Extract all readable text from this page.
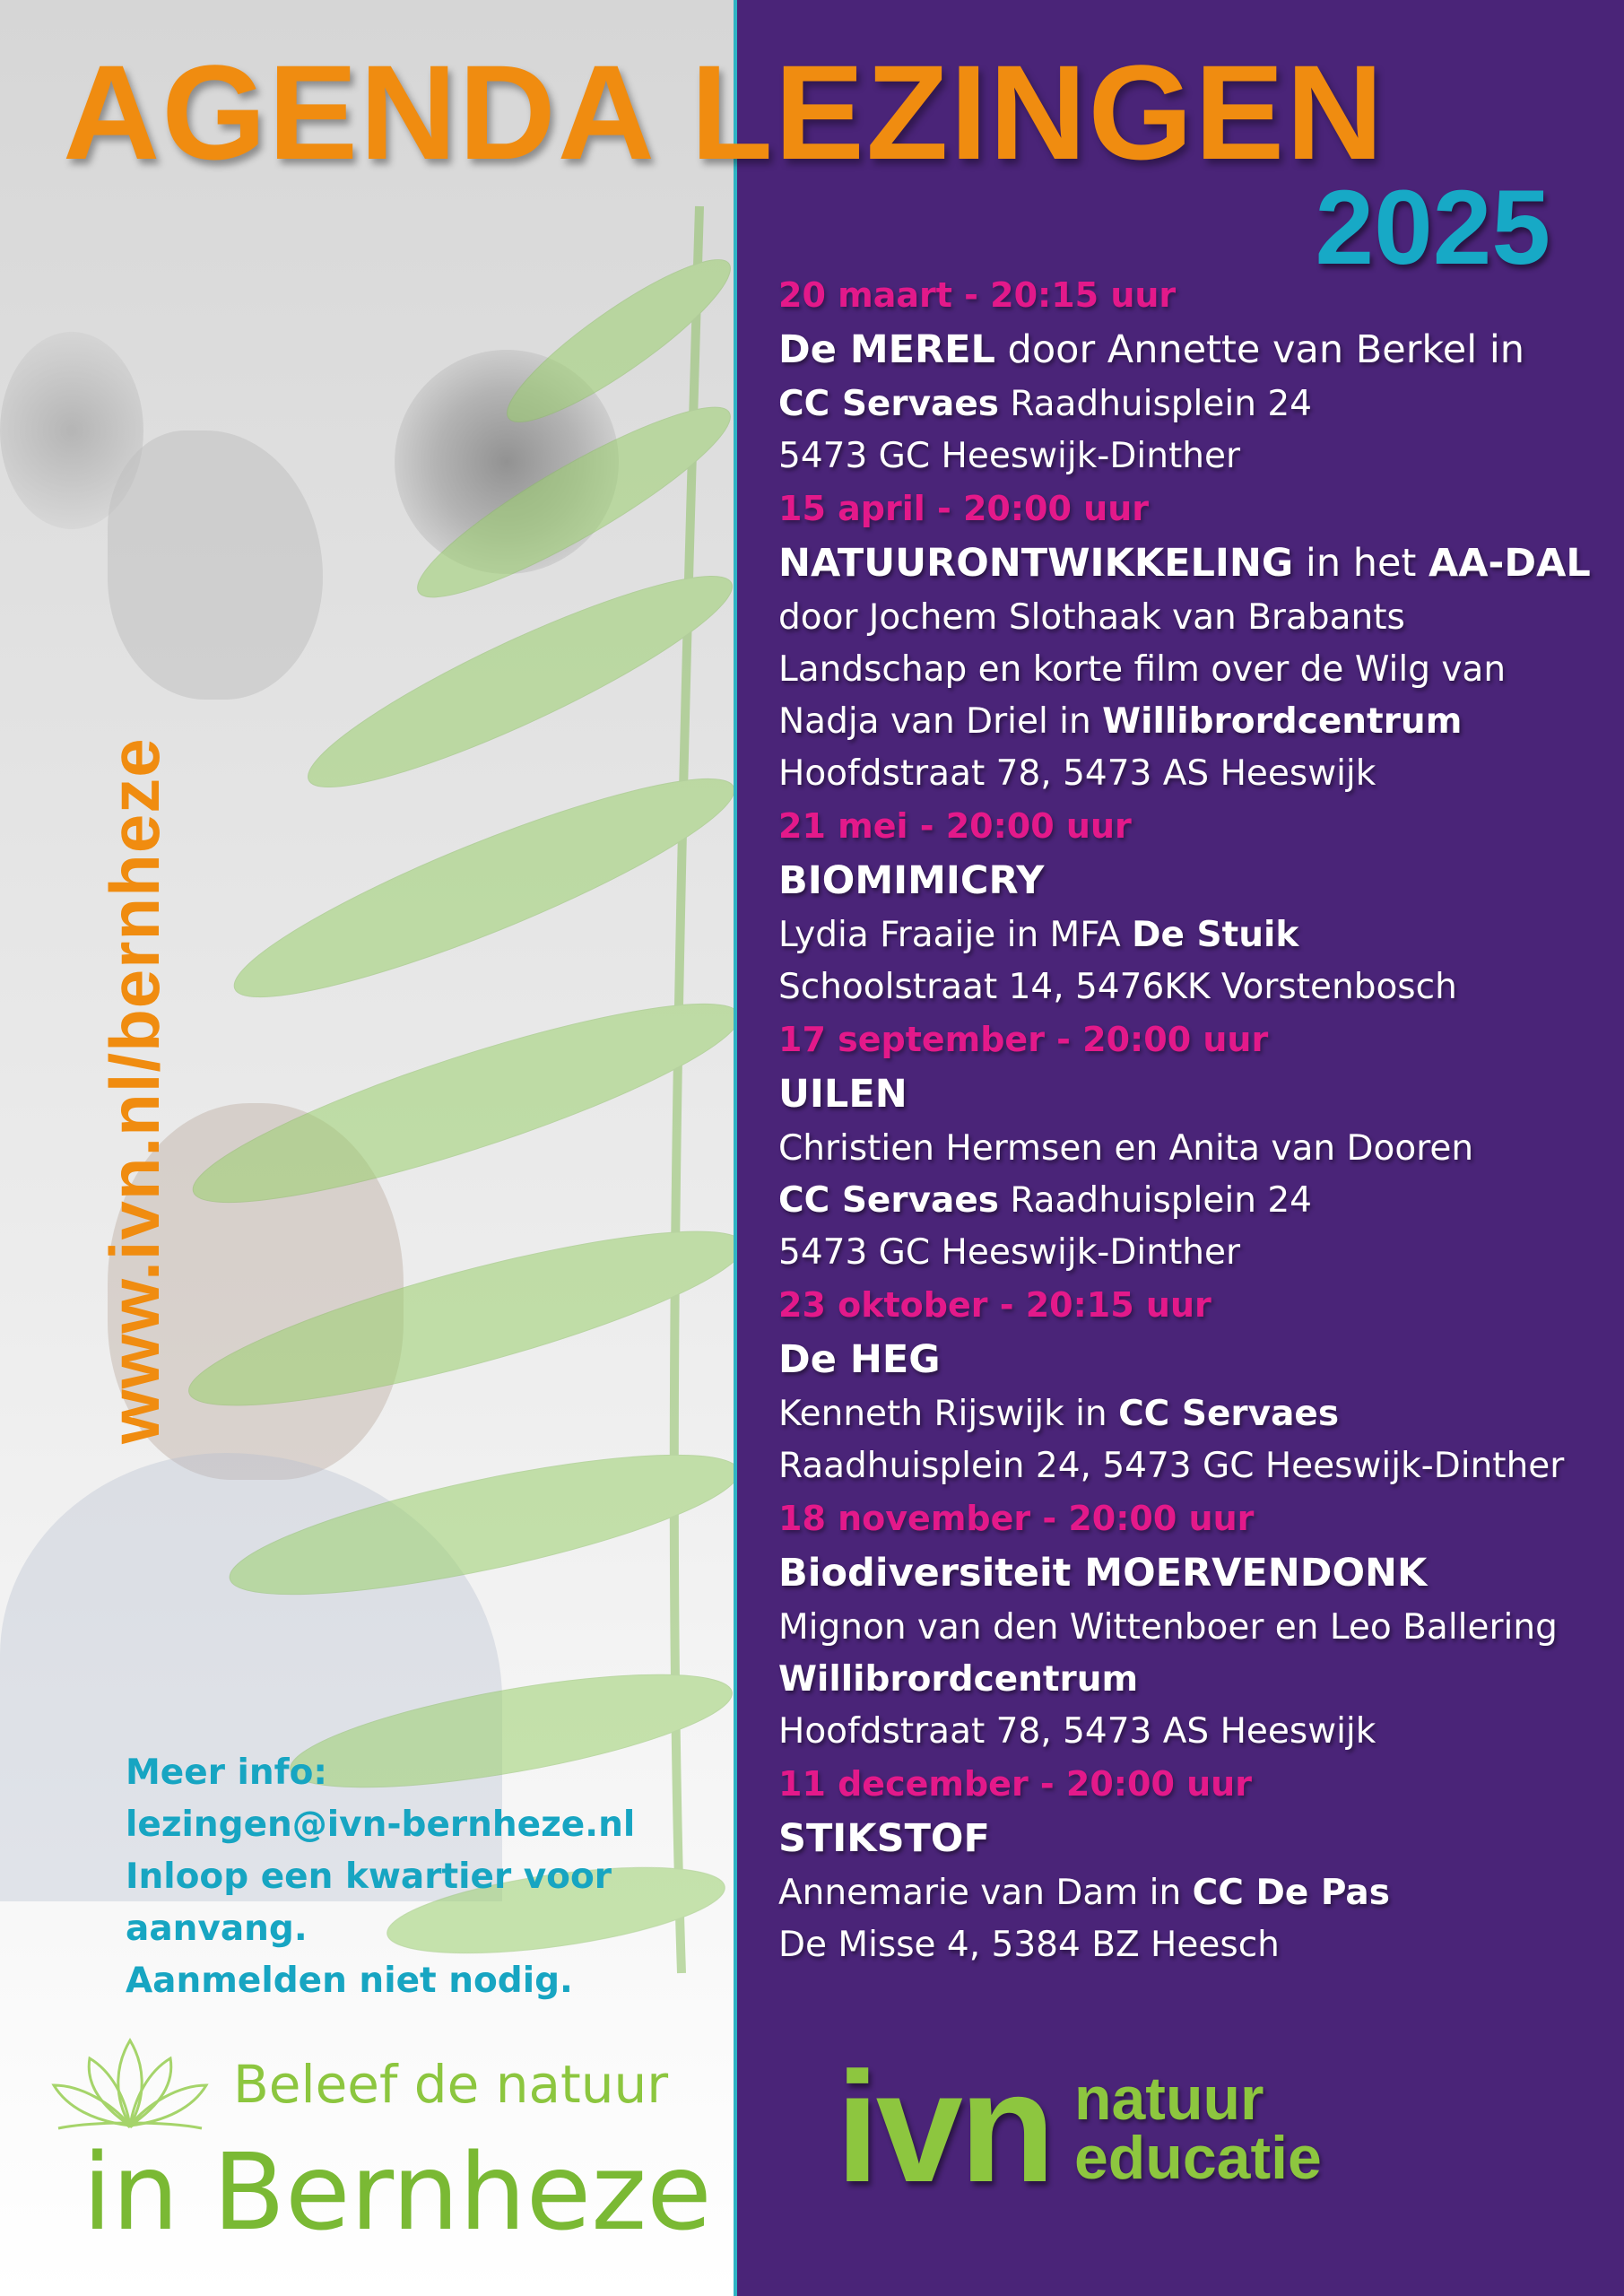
AGENDA LEZINGEN
2025
www.ivn.nl/bernheze
Meer info:
lezingen@ivn-bernheze.nl
Inloop een kwartier voor
aanvang.
Aanmelden niet nodig.
Beleef de natuur
in Bernheze
20 maart - 20:15 uur
De MEREL door Annette van Berkel in
CC Servaes Raadhuisplein 24
5473 GC Heeswijk-Dinther
15 april - 20:00 uur
NATUURONTWIKKELING in het AA-DAL
door Jochem Slothaak van Brabants
Landschap en korte film over de Wilg van
Nadja van Driel in Willibrordcentrum
Hoofdstraat 78, 5473 AS Heeswijk
21 mei - 20:00 uur
BIOMIMICRY
Lydia Fraaije in MFA De Stuik
Schoolstraat 14, 5476KK Vorstenbosch
17 september - 20:00 uur
UILEN
Christien Hermsen en Anita van Dooren
CC Servaes Raadhuisplein 24
5473 GC Heeswijk-Dinther
23 oktober - 20:15 uur
De HEG
Kenneth Rijswijk in CC Servaes
Raadhuisplein 24, 5473 GC Heeswijk-Dinther
18 november - 20:00 uur
Biodiversiteit MOERVENDONK
Mignon van den Wittenboer en Leo Ballering
Willibrordcentrum
Hoofdstraat 78, 5473 AS Heeswijk
11 december - 20:00 uur
STIKSTOF
Annemarie van Dam in CC De Pas
De Misse 4, 5384 BZ Heesch
ivn natuur
educatie
